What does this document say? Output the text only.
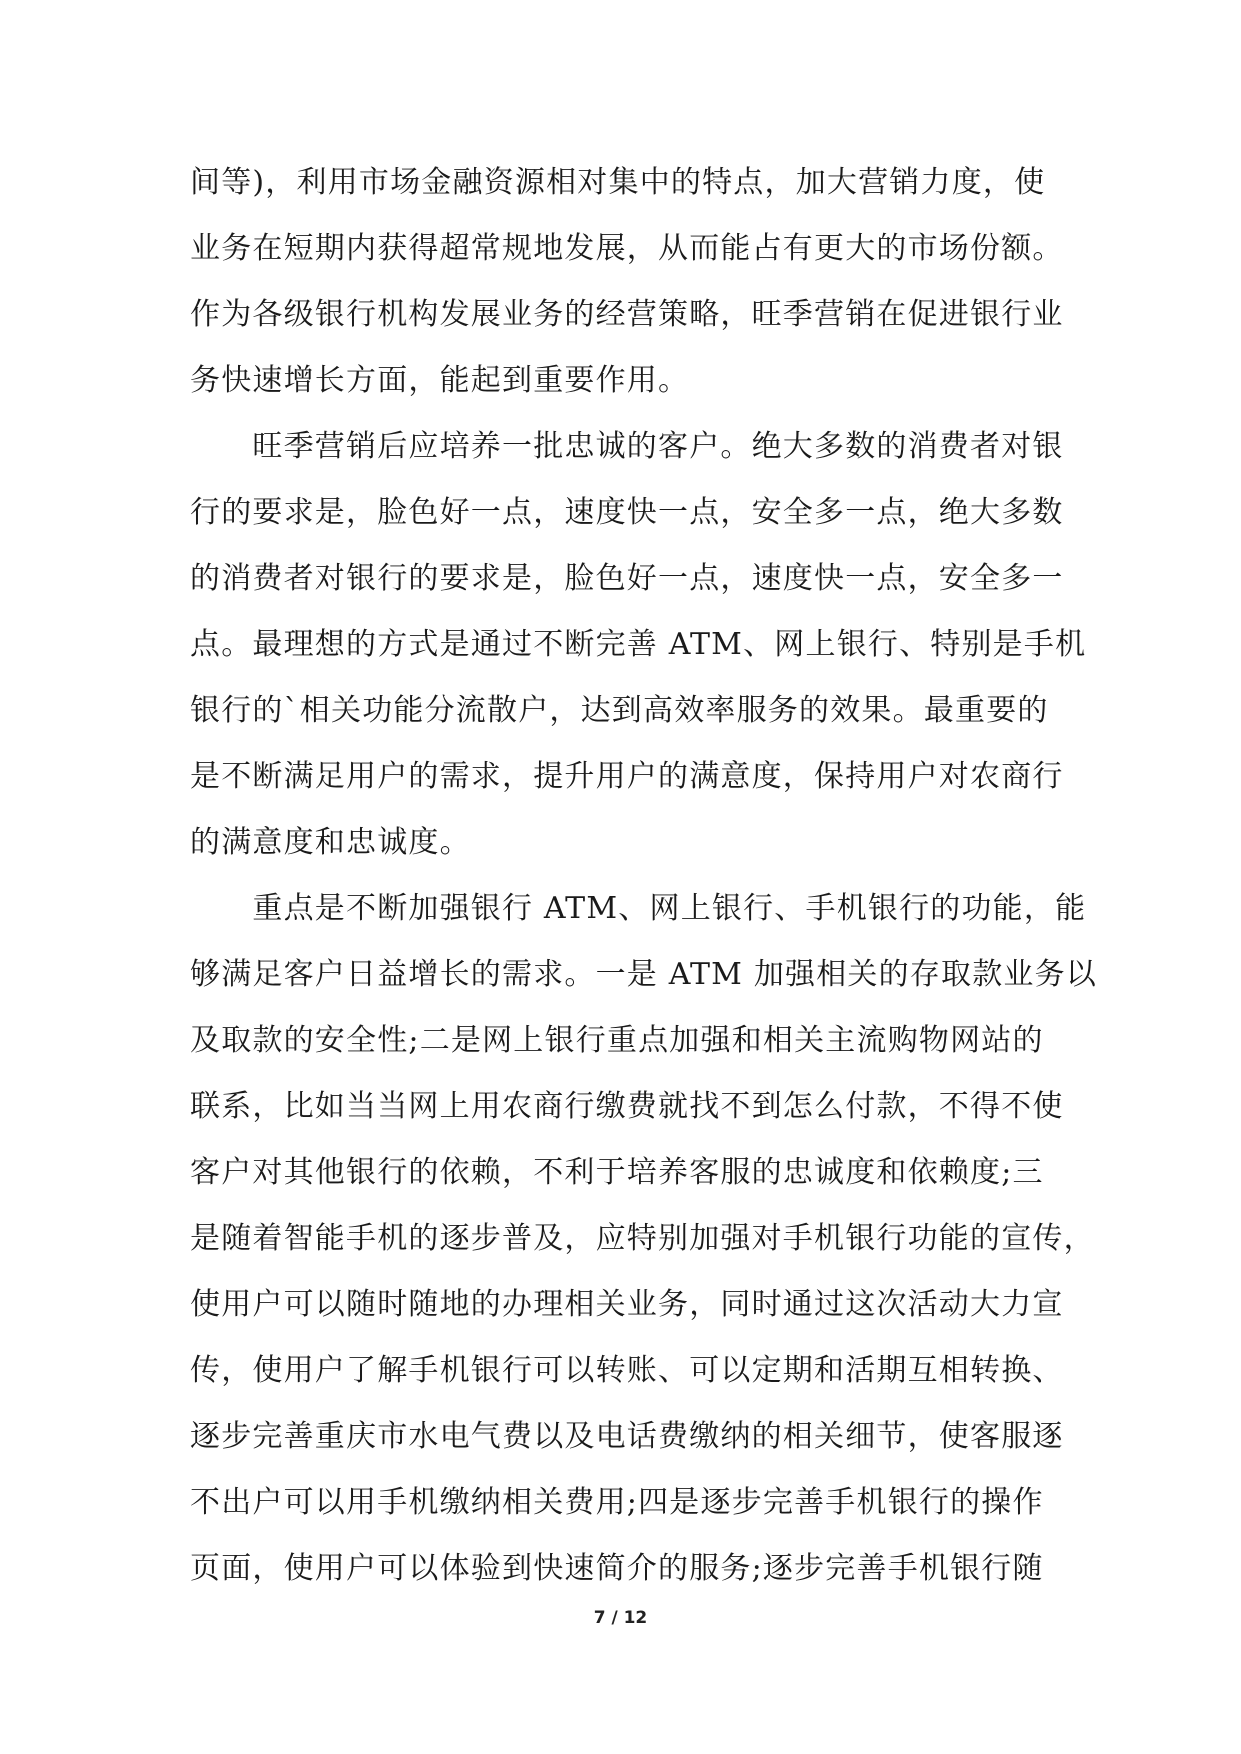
间等)，利用市场金融资源相对集中的特点，加大营销力度，使
业务在短期内获得超常规地发展，从而能占有更大的市场份额。
作为各级银行机构发展业务的经营策略，旺季营销在促进银行业
务快速增长方面，能起到重要作用。
　　旺季营销后应培养一批忠诚的客户。绝大多数的消费者对银
行的要求是，脸色好一点，速度快一点，安全多一点，绝大多数
的消费者对银行的要求是，脸色好一点，速度快一点，安全多一
点。最理想的方式是通过不断完善 ATM、网上银行、特别是手机
银行的`相关功能分流散户，达到高效率服务的效果。最重要的
是不断满足用户的需求，提升用户的满意度，保持用户对农商行
的满意度和忠诚度。
　　重点是不断加强银行 ATM、网上银行、手机银行的功能，能
够满足客户日益增长的需求。一是 ATM 加强相关的存取款业务以
及取款的安全性;二是网上银行重点加强和相关主流购物网站的
联系，比如当当网上用农商行缴费就找不到怎么付款，不得不使
客户对其他银行的依赖，不利于培养客服的忠诚度和依赖度;三
是随着智能手机的逐步普及，应特别加强对手机银行功能的宣传，
使用户可以随时随地的办理相关业务，同时通过这次活动大力宣
传，使用户了解手机银行可以转账、可以定期和活期互相转换、
逐步完善重庆市水电气费以及电话费缴纳的相关细节，使客服逐
不出户可以用手机缴纳相关费用;四是逐步完善手机银行的操作
页面，使用户可以体验到快速简介的服务;逐步完善手机银行随
7 / 12
